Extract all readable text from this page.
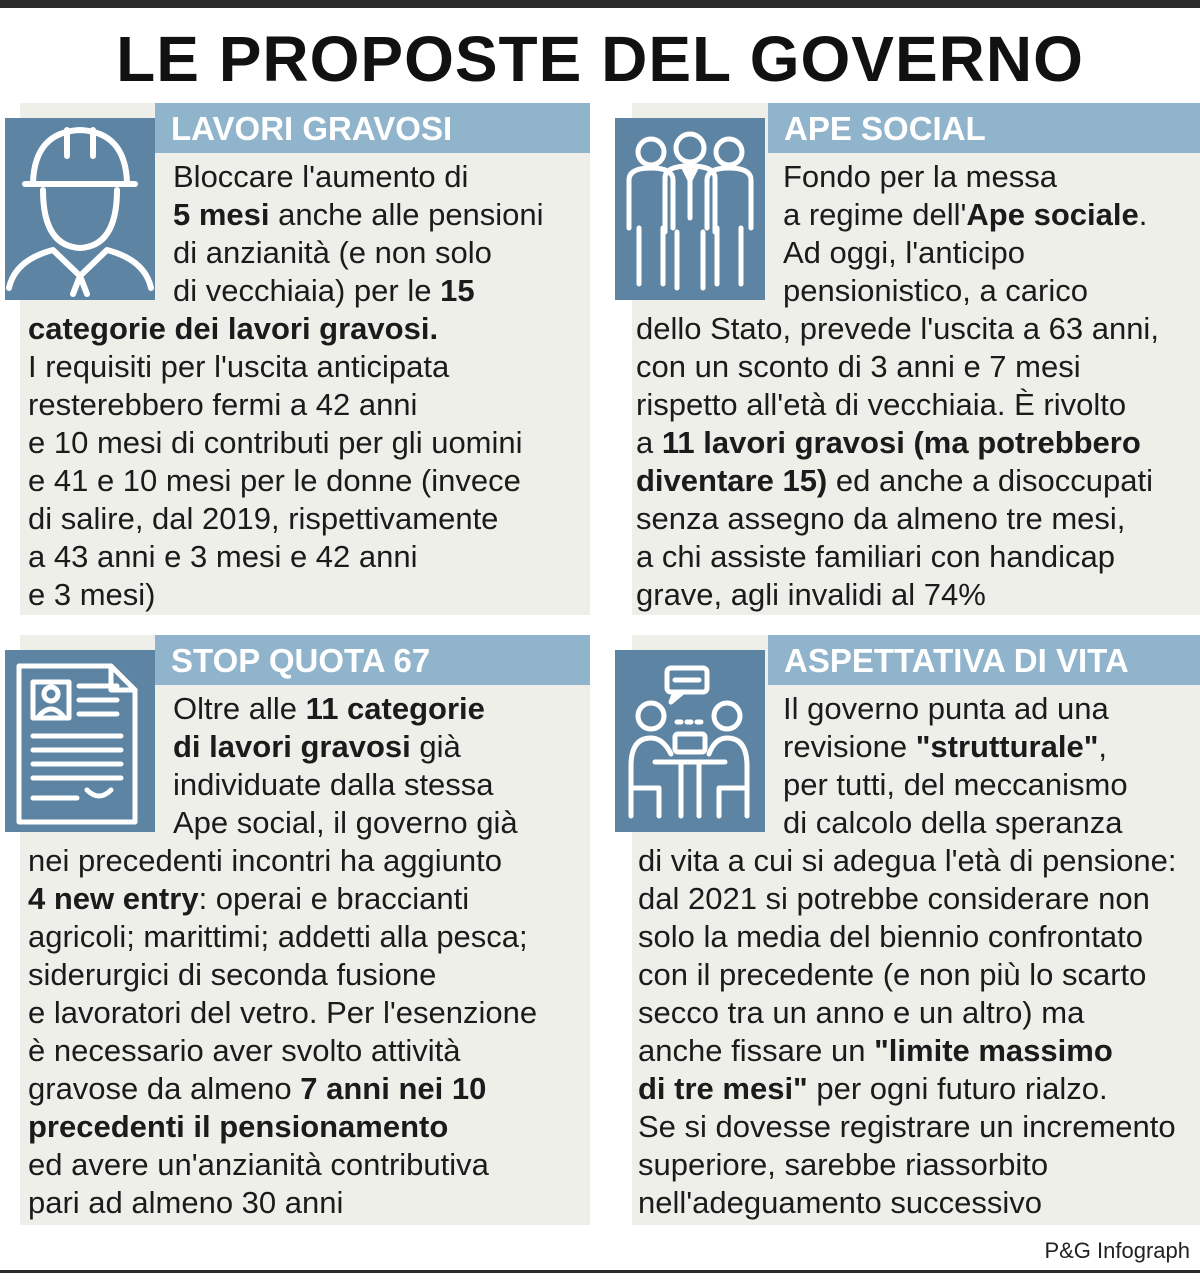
LE PROPOSTE DEL GOVERNO
LAVORI GRAVOSI
Bloccare l'aumento di
5 mesi anche alle pensioni
di anzianità (e non solo
di vecchiaia) per le 15
categorie dei lavori gravosi.
I requisiti per l'uscita anticipata
resterebbero fermi a 42 anni
e 10 mesi di contributi per gli uomini
e 41 e 10 mesi per le donne (invece
di salire, dal 2019, rispettivamente
a 43 anni e 3 mesi e 42 anni
e 3 mesi)
APE SOCIAL
Fondo per la messa
a regime dell'Ape sociale.
Ad oggi, l'anticipo
pensionistico, a carico
dello Stato, prevede l'uscita a 63 anni,
con un sconto di 3 anni e 7 mesi
rispetto all'età di vecchiaia. È rivolto
a 11 lavori gravosi (ma potrebbero
diventare 15) ed anche a disoccupati
senza assegno da almeno tre mesi,
a chi assiste familiari con handicap
grave, agli invalidi al 74%
STOP QUOTA 67
Oltre alle 11 categorie
di lavori gravosi già
individuate dalla stessa
Ape social, il governo già
nei precedenti incontri ha aggiunto
4 new entry: operai e braccianti
agricoli; marittimi; addetti alla pesca;
siderurgici di seconda fusione
e lavoratori del vetro. Per l'esenzione
è necessario aver svolto attività
gravose da almeno 7 anni nei 10
precedenti il pensionamento
ed avere un'anzianità contributiva
pari ad almeno 30 anni
ASPETTATIVA DI VITA
Il governo punta ad una
revisione "strutturale",
per tutti, del meccanismo
di calcolo della speranza
di vita a cui si adegua l'età di pensione:
dal 2021 si potrebbe considerare non
solo la media del biennio confrontato
con il precedente (e non più lo scarto
secco tra un anno e un altro) ma
anche fissare un "limite massimo
di tre mesi" per ogni futuro rialzo.
Se si dovesse registrare un incremento
superiore, sarebbe riassorbito
nell'adeguamento successivo
P&G Infograph
